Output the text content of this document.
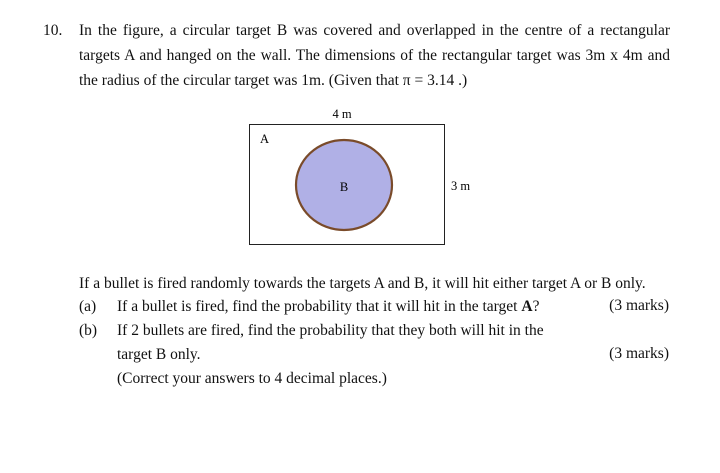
10. In the figure, a circular target B was covered and overlapped in the centre of a rectangular
targets A and hanged on the wall. The dimensions of the rectangular target was 3m x 4m and
the radius of the circular target was 1m. (Given that π = 3.14 .)
4 m
A
B	3 m
If a bullet is fired randomly towards the targets A and B, it will hit either target A or B only.
(a) If a bullet is fired, find the probability that it will hit in the target A?	(3 marks)
(b) If 2 bullets are fired, find the probability that they both will hit in the
target B only.	(3 marks)
(Correct your answers to 4 decimal places.)
